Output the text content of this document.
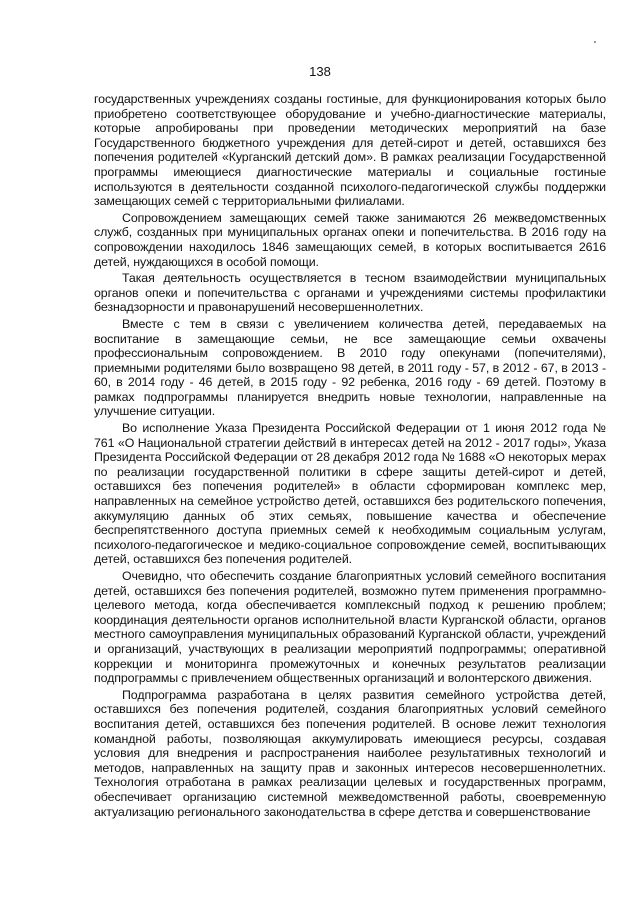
138

государственных учреждениях созданы гостиные, для функционирования которых было приобретено соответствующее оборудование и учебно-диагностические материалы, которые апробированы при проведении методических мероприятий на базе Государственного бюджетного учреждения для детей-сирот и детей, оставшихся без попечения родителей «Курганский детский дом». В рамках реализации Государственной программы имеющиеся диагностические материалы и социальные гостиные используются в деятельности созданной психолого-педагогической службы поддержки замещающих семей с территориальными филиалами.

Сопровождением замещающих семей также занимаются 26 межведомственных служб, созданных при муниципальных органах опеки и попечительства. В 2016 году на сопровождении находилось 1846 замещающих семей, в которых воспитывается 2616 детей, нуждающихся в особой помощи.

Такая деятельность осуществляется в тесном взаимодействии муниципальных органов опеки и попечительства с органами и учреждениями системы профилактики безнадзорности и правонарушений несовершеннолетних.

Вместе с тем в связи с увеличением количества детей, передаваемых на воспитание в замещающие семьи, не все замещающие семьи охвачены профессиональным сопровождением. В 2010 году опекунами (попечителями), приемными родителями было возвращено 98 детей, в 2011 году - 57, в 2012 - 67, в 2013 - 60, в 2014 году - 46 детей, в 2015 году - 92 ребенка, 2016 году - 69 детей. Поэтому в рамках подпрограммы планируется внедрить новые технологии, направленные на улучшение ситуации.

Во исполнение Указа Президента Российской Федерации от 1 июня 2012 года № 761 «О Национальной стратегии действий в интересах детей на 2012 - 2017 годы», Указа Президента Российской Федерации от 28 декабря 2012 года № 1688 «О некоторых мерах по реализации государственной политики в сфере защиты детей-сирот и детей, оставшихся без попечения родителей» в области сформирован комплекс мер, направленных на семейное устройство детей, оставшихся без родительского попечения, аккумуляцию данных об этих семьях, повышение качества и обеспечение беспрепятственного доступа приемных семей к необходимым социальным услугам, психолого-педагогическое и медико-социальное сопровождение семей, воспитывающих детей, оставшихся без попечения родителей.

Очевидно, что обеспечить создание благоприятных условий семейного воспитания детей, оставшихся без попечения родителей, возможно путем применения программно-целевого метода, когда обеспечивается комплексный подход к решению проблем; координация деятельности органов исполнительной власти Курганской области, органов местного самоуправления муниципальных образований Курганской области, учреждений и организаций, участвующих в реализации мероприятий подпрограммы; оперативной коррекции и мониторинга промежуточных и конечных результатов реализации подпрограммы с привлечением общественных организаций и волонтерского движения.

Подпрограмма разработана в целях развития семейного устройства детей, оставшихся без попечения родителей, создания благоприятных условий семейного воспитания детей, оставшихся без попечения родителей. В основе лежит технология командной работы, позволяющая аккумулировать имеющиеся ресурсы, создавая условия для внедрения и распространения наиболее результативных технологий и методов, направленных на защиту прав и законных интересов несовершеннолетних. Технология отработана в рамках реализации целевых и государственных программ, обеспечивает организацию системной межведомственной работы, своевременную актуализацию регионального законодательства в сфере детства и совершенствование
